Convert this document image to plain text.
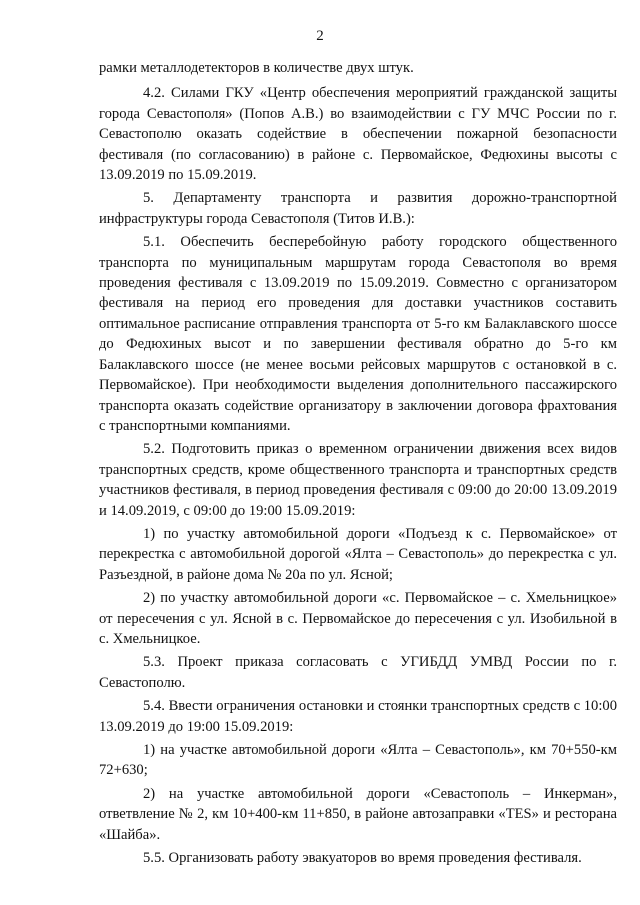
2

рамки металлодетекторов в количестве двух штук.

4.2. Силами ГКУ «Центр обеспечения мероприятий гражданской защиты города Севастополя» (Попов А.В.) во взаимодействии с ГУ МЧС России по г. Севастополю оказать содействие в обеспечении пожарной безопасности фестиваля (по согласованию) в районе с. Первомайское, Федюхины высоты с 13.09.2019 по 15.09.2019.

5. Департаменту транспорта и развития дорожно-транспортной инфраструктуры города Севастополя (Титов И.В.):

5.1. Обеспечить бесперебойную работу городского общественного транспорта по муниципальным маршрутам города Севастополя во время проведения фестиваля с 13.09.2019 по 15.09.2019. Совместно с организатором фестиваля на период его проведения для доставки участников составить оптимальное расписание отправления транспорта от 5-го км Балаклавского шоссе до Федюхиных высот и по завершении фестиваля обратно до 5-го км Балаклавского шоссе (не менее восьми рейсовых маршрутов с остановкой в с. Первомайское). При необходимости выделения дополнительного пассажирского транспорта оказать содействие организатору в заключении договора фрахтования с транспортными компаниями.

5.2. Подготовить приказ о временном ограничении движения всех видов транспортных средств, кроме общественного транспорта и транспортных средств участников фестиваля, в период проведения фестиваля с 09:00 до 20:00 13.09.2019 и 14.09.2019, с 09:00 до 19:00 15.09.2019:

1) по участку автомобильной дороги «Подъезд к с. Первомайское» от перекрестка с автомобильной дорогой «Ялта – Севастополь» до перекрестка с ул. Разъездной, в районе дома № 20а по ул. Ясной;

2) по участку автомобильной дороги «с. Первомайское – с. Хмельницкое» от пересечения с ул. Ясной в с. Первомайское до пересечения с ул. Изобильной в с. Хмельницкое.

5.3. Проект приказа согласовать с УГИБДД УМВД России по г. Севастополю.

5.4. Ввести ограничения остановки и стоянки транспортных средств с 10:00 13.09.2019 до 19:00 15.09.2019:

1) на участке автомобильной дороги «Ялта – Севастополь», км 70+550-км 72+630;

2) на участке автомобильной дороги «Севастополь – Инкерман», ответвление № 2, км 10+400-км 11+850, в районе автозаправки «TES» и ресторана «Шайба».

5.5. Организовать работу эвакуаторов во время проведения фестиваля.
